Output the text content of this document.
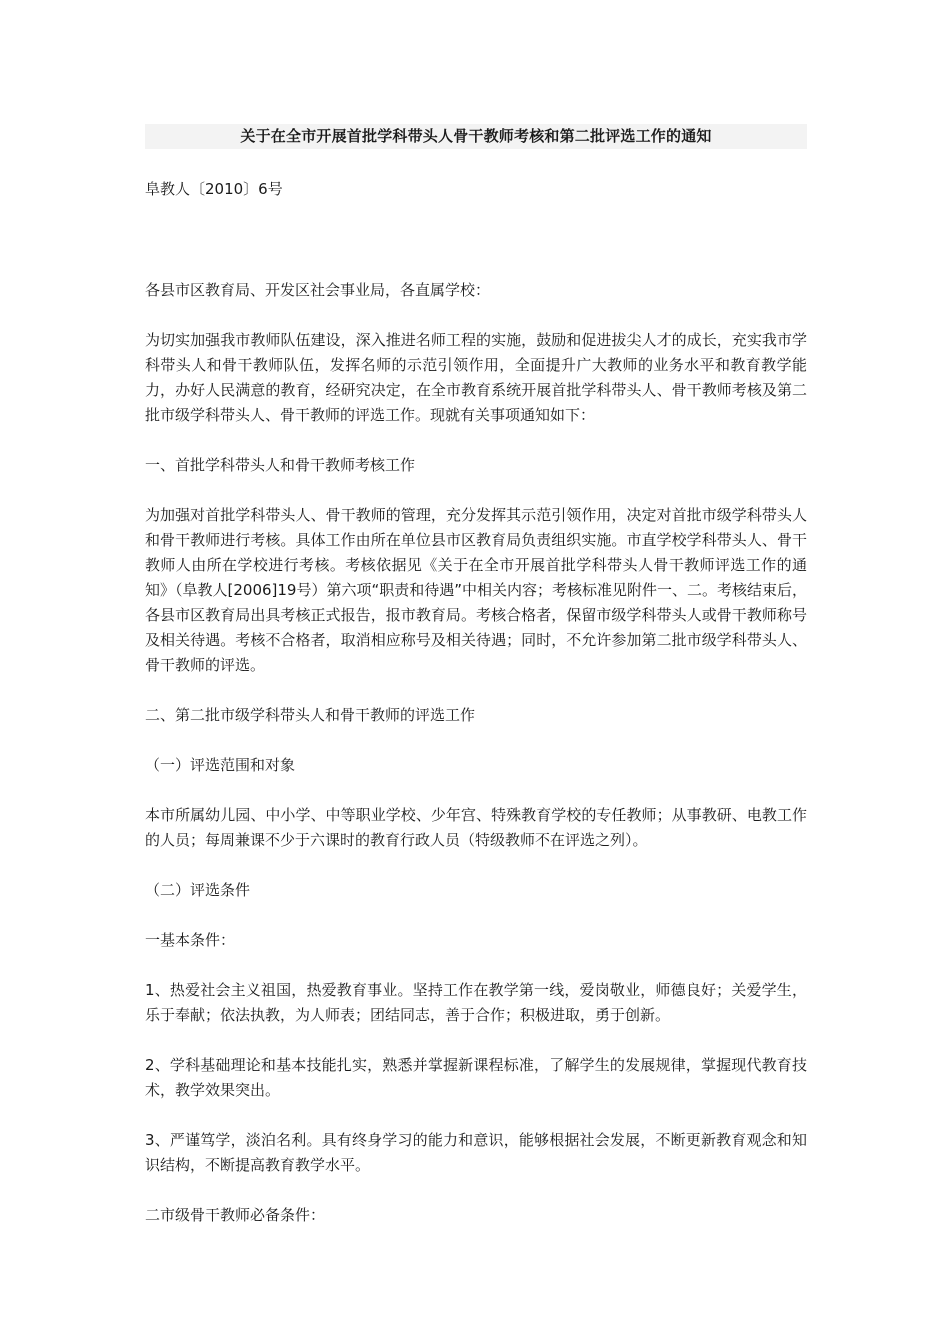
关于在全市开展首批学科带头人骨干教师考核和第二批评选工作的通知
阜教人〔2010〕6号

各县市区教育局、开发区社会事业局，各直属学校：

为切实加强我市教师队伍建设，深入推进名师工程的实施，鼓励和促进拔尖人才的成长，充实我市学科带头人和骨干教师队伍，发挥名师的示范引领作用，全面提升广大教师的业务水平和教育教学能力，办好人民满意的教育，经研究决定，在全市教育系统开展首批学科带头人、骨干教师考核及第二批市级学科带头人、骨干教师的评选工作。现就有关事项通知如下：

一、首批学科带头人和骨干教师考核工作

为加强对首批学科带头人、骨干教师的管理，充分发挥其示范引领作用，决定对首批市级学科带头人和骨干教师进行考核。具体工作由所在单位县市区教育局负责组织实施。市直学校学科带头人、骨干教师人由所在学校进行考核。考核依据见《关于在全市开展首批学科带头人骨干教师评选工作的通知》（阜教人[2006]19号）第六项“职责和待遇”中相关内容；考核标准见附件一、二。考核结束后，各县市区教育局出具考核正式报告，报市教育局。考核合格者，保留市级学科带头人或骨干教师称号及相关待遇。考核不合格者，取消相应称号及相关待遇；同时，不允许参加第二批市级学科带头人、骨干教师的评选。

二、第二批市级学科带头人和骨干教师的评选工作

（一）评选范围和对象

本市所属幼儿园、中小学、中等职业学校、少年宫、特殊教育学校的专任教师；从事教研、电教工作的人员；每周兼课不少于六课时的教育行政人员（特级教师不在评选之列）。

（二）评选条件

一基本条件：

1、热爱社会主义祖国，热爱教育事业。坚持工作在教学第一线，爱岗敬业，师德良好；关爱学生，乐于奉献；依法执教，为人师表；团结同志，善于合作；积极进取，勇于创新。

2、学科基础理论和基本技能扎实，熟悉并掌握新课程标准，了解学生的发展规律，掌握现代教育技术，教学效果突出。

3、严谨笃学，淡泊名利。具有终身学习的能力和意识，能够根据社会发展，不断更新教育观念和知识结构，不断提高教育教学水平。

二市级骨干教师必备条件：
